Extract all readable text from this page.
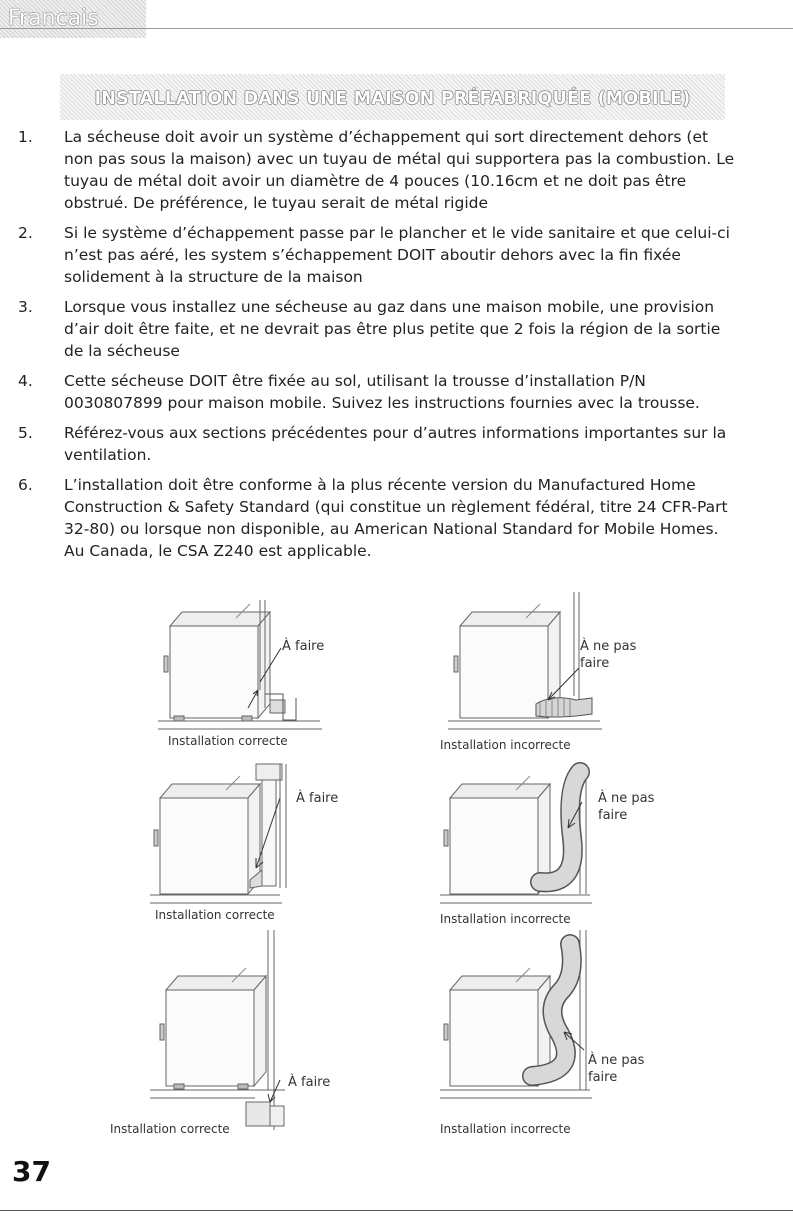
Francais
INSTALLATION DANS UNE MAISON PRÉFABRIQUÉE (MOBILE)
1. La sécheuse doit avoir un système d’échappement qui sort directement dehors (et non pas sous la maison) avec un tuyau de métal qui supportera pas la combustion. Le tuyau de métal doit avoir un diamètre de 4 pouces (10.16cm et ne doit pas être obstrué. De préférence, le tuyau serait de métal rigide
2. Si le système d’échappement passe par le plancher et le vide sanitaire et que celui-ci n’est pas aéré, les system s’échappement DOIT aboutir dehors avec la fin fixée solidement à la structure de la maison
3. Lorsque vous installez une sécheuse au gaz dans une maison mobile, une provision d’air doit être faite, et ne devrait pas être plus petite que 2 fois la région de la sortie de la sécheuse
4. Cette sécheuse DOIT être fixée au sol, utilisant la trousse d’installation P/N 0030807899 pour maison mobile. Suivez les instructions fournies avec la trousse.
5. Référez-vous aux sections précédentes pour d’autres informations importantes sur la ventilation.
6. L’installation doit être conforme à la plus récente version du Manufactured Home Construction & Safety Standard (qui constitue un règlement fédéral, titre 24 CFR-Part 32-80) ou lorsque non disponible, au American National Standard for Mobile Homes. Au Canada, le CSA Z240 est applicable.
À faire
Installation correcte
À ne pas faire
Installation incorrecte
À faire
Installation correcte
À ne pas faire
Installation incorrecte
À faire
Installation correcte
À ne pas faire
Installation incorrecte
37
